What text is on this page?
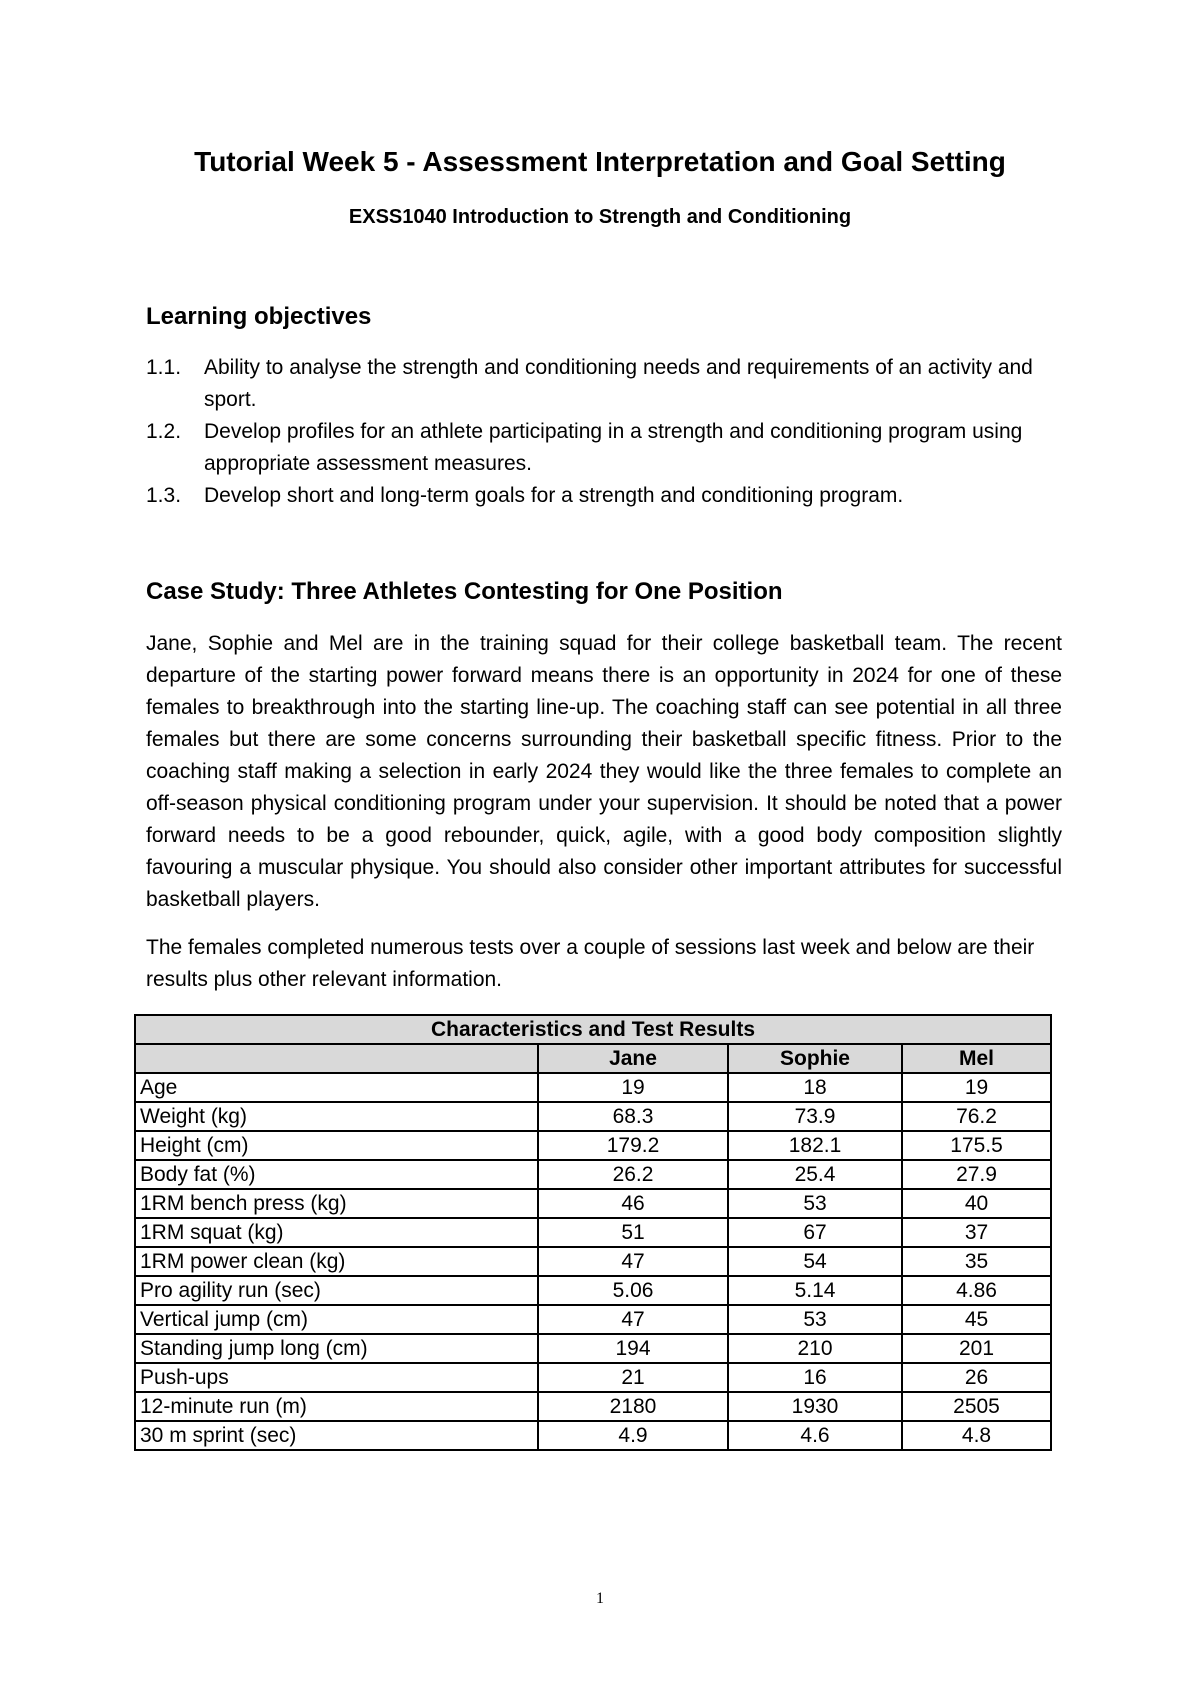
Tutorial Week 5 - Assessment Interpretation and Goal Setting
EXSS1040 Introduction to Strength and Conditioning
Learning objectives
1.1. Ability to analyse the strength and conditioning needs and requirements of an activity and sport.
1.2. Develop profiles for an athlete participating in a strength and conditioning program using appropriate assessment measures.
1.3. Develop short and long-term goals for a strength and conditioning program.
Case Study: Three Athletes Contesting for One Position

Jane, Sophie and Mel are in the training squad for their college basketball team. The recent departure of the starting power forward means there is an opportunity in 2024 for one of these females to breakthrough into the starting line-up. The coaching staff can see potential in all three females but there are some concerns surrounding their basketball specific fitness. Prior to the coaching staff making a selection in early 2024 they would like the three females to complete an off-season physical conditioning program under your supervision. It should be noted that a power forward needs to be a good rebounder, quick, agile, with a good body composition slightly favouring a muscular physique. You should also consider other important attributes for successful basketball players.

The females completed numerous tests over a couple of sessions last week and below are their results plus other relevant information.

Characteristics and Test Results			
	Jane	Sophie	Mel
Age	19	18	19
Weight (kg)	68.3	73.9	76.2
Height (cm)	179.2	182.1	175.5
Body fat (%)	26.2	25.4	27.9
1RM bench press (kg)	46	53	40
1RM squat (kg)	51	67	37
1RM power clean (kg)	47	54	35
Pro agility run (sec)	5.06	5.14	4.86
Vertical jump (cm)	47	53	45
Standing jump long (cm)	194	210	201
Push-ups	21	16	26
12-minute run (m)	2180	1930	2505
30 m sprint (sec)	4.9	4.6	4.8
1
